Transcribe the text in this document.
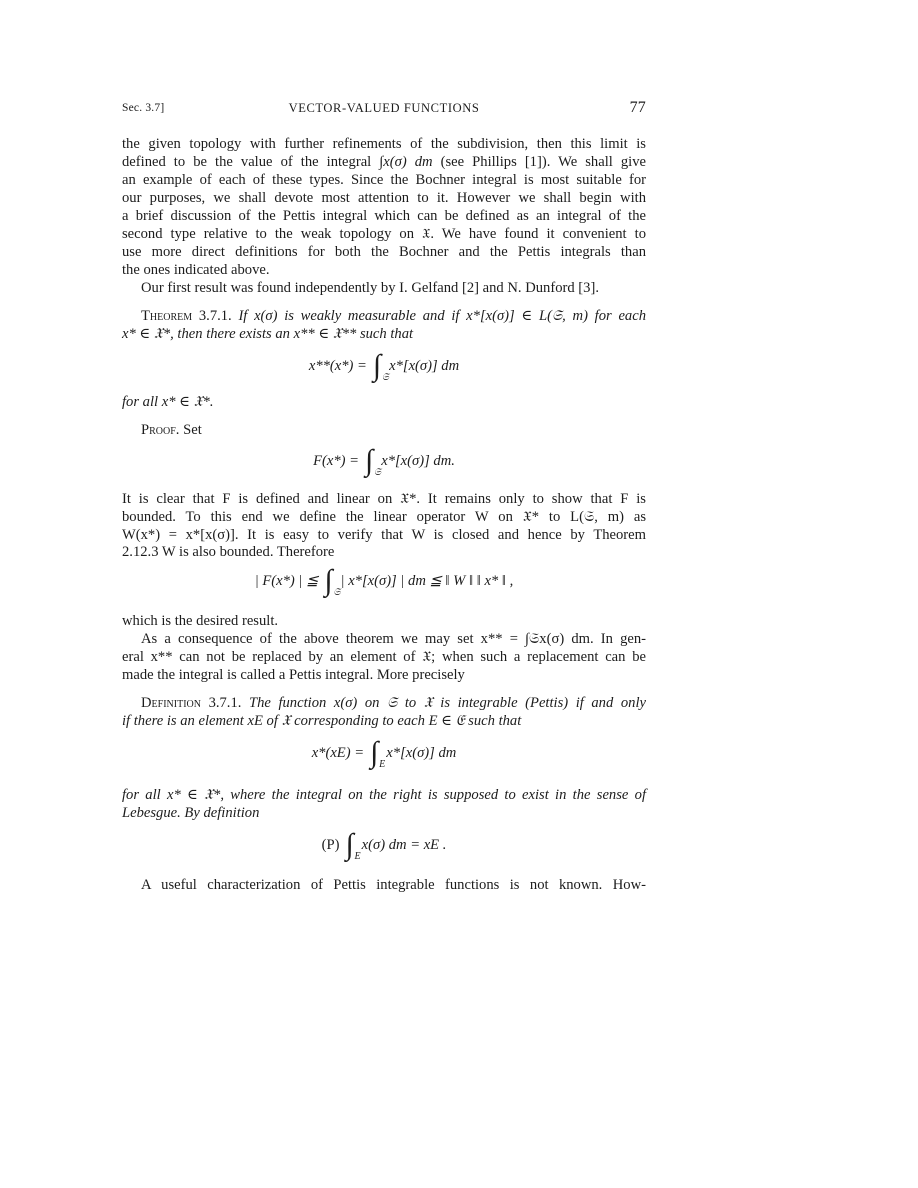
Sec. 3.7]	VECTOR-VALUED FUNCTIONS	77

the given topology with further refinements of the subdivision, then this limit is

defined to be the value of the integral ∫x(σ) dm (see Phillips [1]). We shall give

an example of each of these types. Since the Bochner integral is most suitable for

our purposes, we shall devote most attention to it. However we shall begin with

a brief discussion of the Pettis integral which can be defined as an integral of the

second type relative to the weak topology on 𝔛. We have found it convenient to

use more direct definitions for both the Bochner and the Pettis integrals than

the ones indicated above.

Our first result was found independently by I. Gelfand [2] and N. Dunford [3].

Theorem 3.7.1. If x(σ) is weakly measurable and if x*[x(σ)] ∈ L(𝔖, m) for each

x* ∈ 𝔛*, then there exists an x** ∈ 𝔛** such that

x**(x*) = ∫ 𝔖
x*[x(σ)] dm

for all x* ∈ 𝔛*.

Proof. Set

F(x*) = ∫ 𝔖
x*[x(σ)] dm.

It is clear that F is defined and linear on 𝔛*. It remains only to show that F is

bounded. To this end we define the linear operator W on 𝔛* to L(𝔖, m) as

W(x*) = x*[x(σ)]. It is easy to verify that W is closed and hence by Theorem

2.12.3 W is also bounded. Therefore

| F(x*) | ≦ ∫ 𝔖
| x*[x(σ)] | dm ≦ ‖ W ‖ ‖ x* ‖ ,

which is the desired result.

As a consequence of the above theorem we may set x** = ∫𝔖x(σ) dm. In gen-

eral x** can not be replaced by an element of 𝔛; when such a replacement can be

made the integral is called a Pettis integral. More precisely

Definition 3.7.1. The function x(σ) on 𝔖 to 𝔛 is integrable (Pettis) if and only

if there is an element xE of 𝔛 corresponding to each E ∈ 𝔈 such that

x*(xE) = ∫ E
x*[x(σ)] dm

for all x* ∈ 𝔛*, where the integral on the right is supposed to exist in the sense of

Lebesgue. By definition

(P) ∫ E
x(σ) dm = xE .

A useful characterization of Pettis integrable functions is not known. How-
